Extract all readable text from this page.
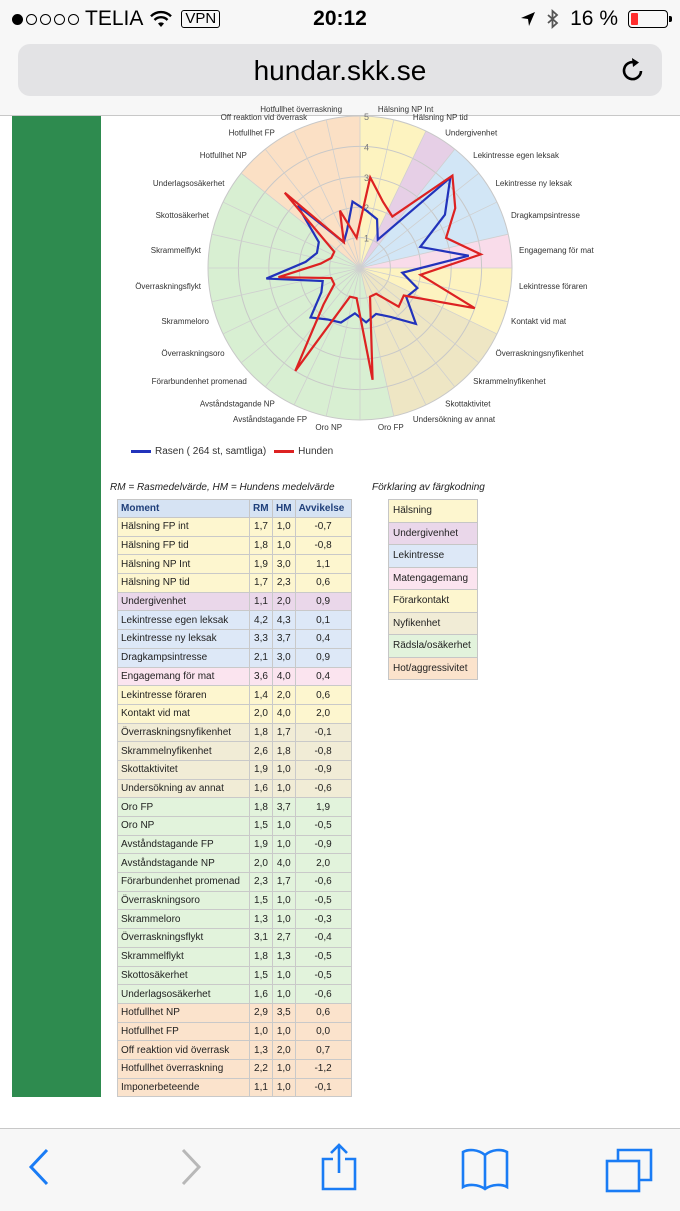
TELIA	VPN	20:12	16 %
hundar.skk.se
1
2
3
4
5
Hälsning NP Int
Hälsning NP tid
Undergivenhet
Lekintresse egen leksak
Lekintresse ny leksak
Dragkampsintresse
Engagemang för mat
Lekintresse föraren
Kontakt vid mat
Överraskningsnyfikenhet
Skrammelnyfikenhet
Skottaktivitet
Undersökning av annat
Oro FP
Oro NP
Avståndstagande FP
Avståndstagande NP
Förarbundenhet promenad
Överraskningsoro
Skrammeloro
Överraskningsflykt
Skrammelflykt
Skottosäkerhet
Underlagsosäkerhet
Hotfullhet NP
Hotfullhet FP
Off reaktion vid överrask
Hotfullhet överraskning
Rasen ( 264 st, samtliga)	Hunden
RM = Rasmedelvärde, HM = Hundens medelvärde	Förklaring av färgkodning
Moment	RM	HM	Avvikelse
Hälsning FP int	1,7	1,0	-0,7
Hälsning FP tid	1,8	1,0	-0,8
Hälsning NP Int	1,9	3,0	1,1
Hälsning NP tid	1,7	2,3	0,6
Undergivenhet	1,1	2,0	0,9
Lekintresse egen leksak	4,2	4,3	0,1
Lekintresse ny leksak	3,3	3,7	0,4
Dragkampsintresse	2,1	3,0	0,9
Engagemang för mat	3,6	4,0	0,4
Lekintresse föraren	1,4	2,0	0,6
Kontakt vid mat	2,0	4,0	2,0
Överraskningsnyfikenhet	1,8	1,7	-0,1
Skrammelnyfikenhet	2,6	1,8	-0,8
Skottaktivitet	1,9	1,0	-0,9
Undersökning av annat	1,6	1,0	-0,6
Oro FP	1,8	3,7	1,9
Oro NP	1,5	1,0	-0,5
Avståndstagande FP	1,9	1,0	-0,9
Avståndstagande NP	2,0	4,0	2,0
Förarbundenhet promenad	2,3	1,7	-0,6
Överraskningsoro	1,5	1,0	-0,5
Skrammeloro	1,3	1,0	-0,3
Överraskningsflykt	3,1	2,7	-0,4
Skrammelflykt	1,8	1,3	-0,5
Skottosäkerhet	1,5	1,0	-0,5
Underlagsosäkerhet	1,6	1,0	-0,6
Hotfullhet NP	2,9	3,5	0,6
Hotfullhet FP	1,0	1,0	0,0
Off reaktion vid överrask	1,3	2,0	0,7
Hotfullhet överraskning	2,2	1,0	-1,2
Imponerbeteende	1,1	1,0	-0,1
Hälsning
Undergivenhet
Lekintresse
Matengagemang
Förarkontakt
Nyfikenhet
Rädsla/osäkerhet
Hot/aggressivitet
